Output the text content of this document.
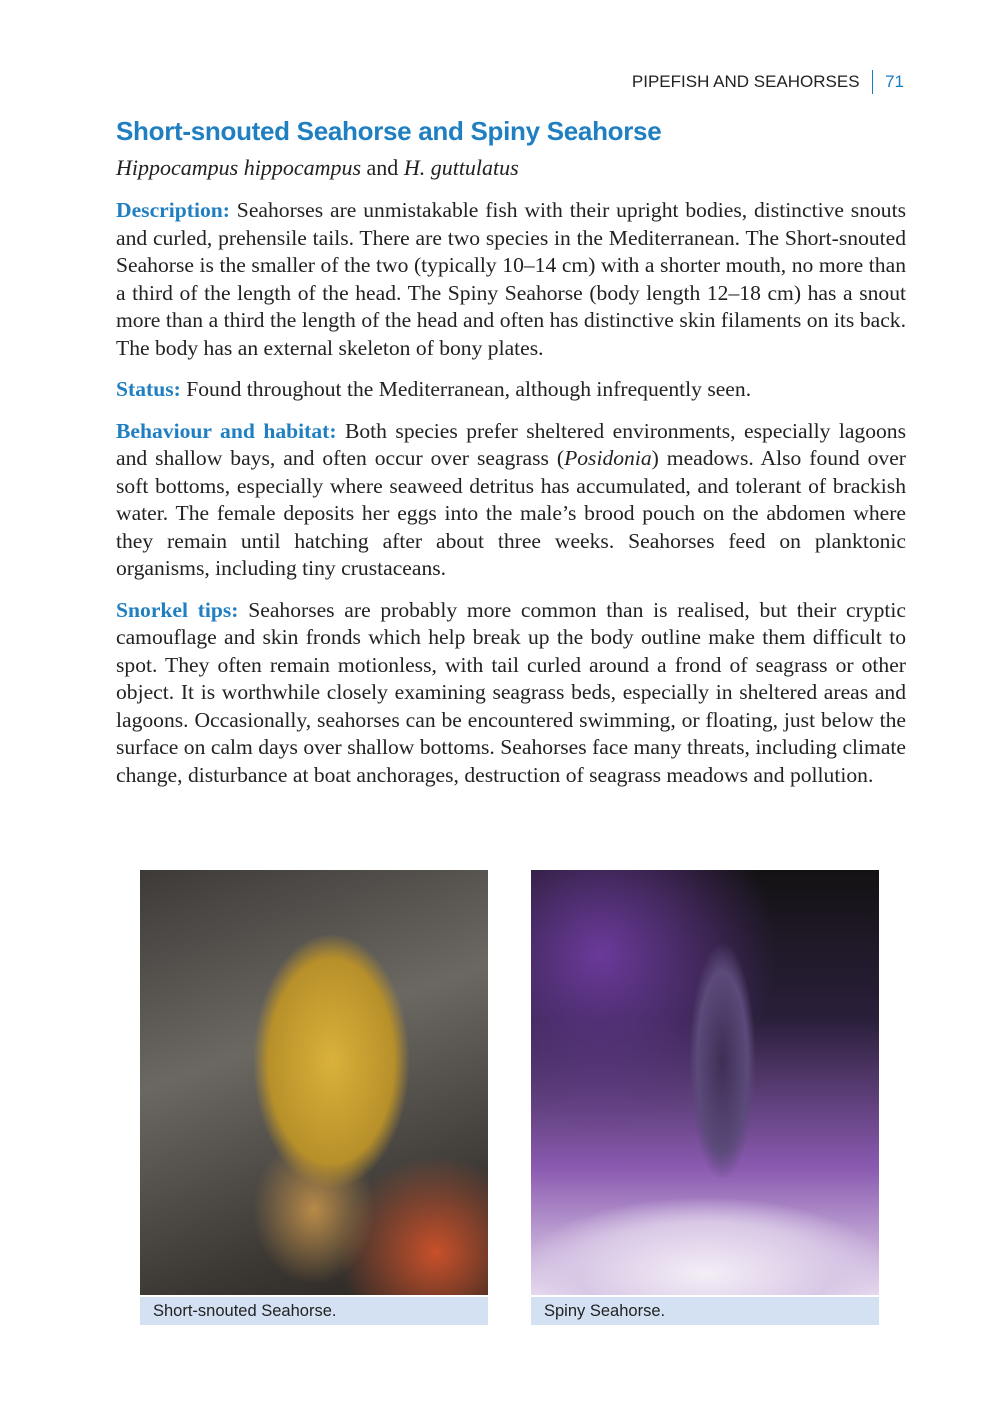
PIPEFISH AND SEAHORSES 71
Short-snouted Seahorse and Spiny Seahorse
Hippocampus hippocampus and H. guttulatus

Description: Seahorses are unmistakable fish with their upright bodies, distinctive snouts and curled, prehensile tails. There are two species in the Mediterranean. The Short-snouted Seahorse is the smaller of the two (typically 10–14 cm) with a shorter mouth, no more than a third of the length of the head. The Spiny Seahorse (body length 12–18 cm) has a snout more than a third the length of the head and often has distinctive skin filaments on its back. The body has an external skeleton of bony plates.

Status: Found throughout the Mediterranean, although infrequently seen.

Behaviour and habitat: Both species prefer sheltered environments, especially lagoons and shallow bays, and often occur over seagrass (Posidonia) meadows. Also found over soft bottoms, especially where seaweed detritus has accumulated, and tolerant of brackish water. The female deposits her eggs into the male’s brood pouch on the abdomen where they remain until hatching after about three weeks. Seahorses feed on planktonic organisms, including tiny crustaceans.

Snorkel tips: Seahorses are probably more common than is realised, but their cryptic camouflage and skin fronds which help break up the body outline make them difficult to spot. They often remain motionless, with tail curled around a frond of seagrass or other object. It is worthwhile closely examining seagrass beds, especially in sheltered areas and lagoons. Occasionally, seahorses can be encountered swimming, or floating, just below the surface on calm days over shallow bottoms. Seahorses face many threats, including climate change, disturbance at boat anchorages, destruction of seagrass meadows and pollution.

Short-snouted Seahorse.	Spiny Seahorse.
